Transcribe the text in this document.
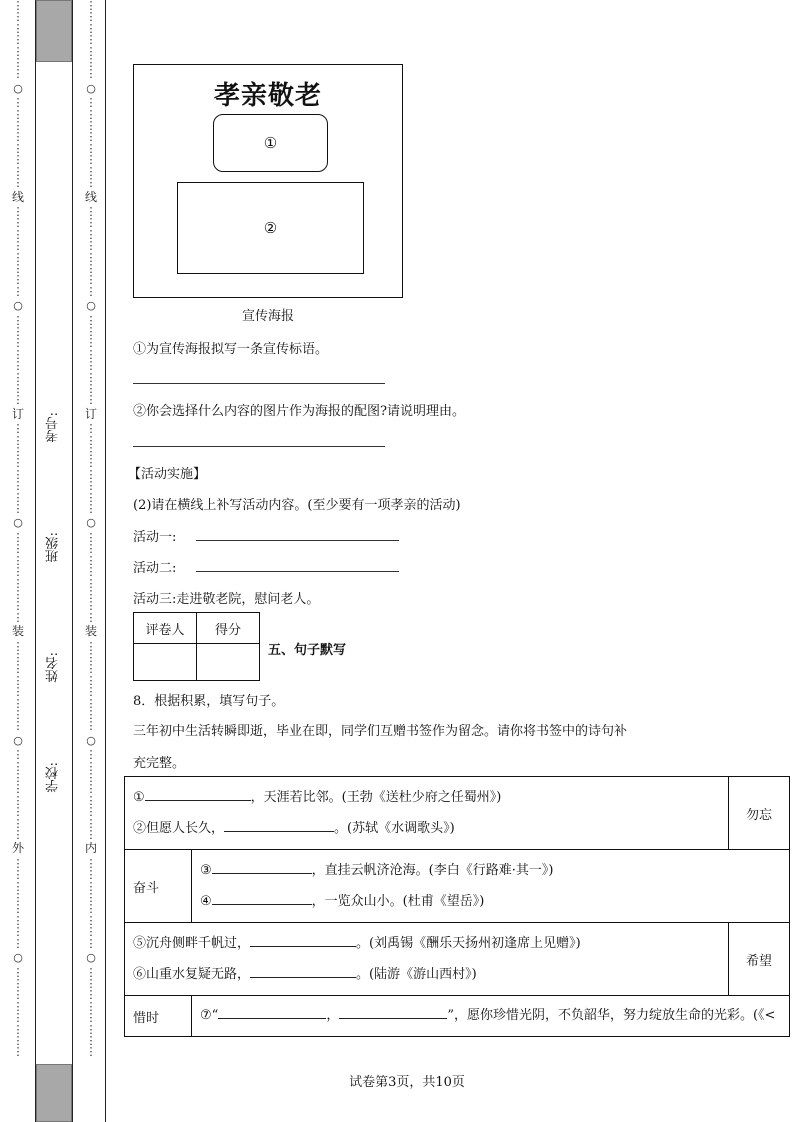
⋮
⋮
⋮
⋮
⋮
⋮
⋮
○
⋮
⋮
⋮
⋮
⋮
⋮
⋮
⋮
线
⋮
⋮
⋮
⋮
⋮
⋮
⋮
⋮
○
⋮
⋮
⋮
⋮
⋮
⋮
⋮
⋮
订
⋮
⋮
⋮
⋮
⋮
⋮
⋮
⋮
○
⋮
⋮
⋮
⋮
⋮
⋮
⋮
⋮
装
⋮
⋮
⋮
⋮
⋮
⋮
⋮
⋮
○
⋮
⋮
⋮
⋮
⋮
⋮
⋮
⋮
外
⋮
⋮
⋮
⋮
⋮
⋮
⋮
⋮
○
⋮
⋮
⋮
⋮
⋮
⋮
⋮
⋮
⋮
⋮
⋮
⋮
⋮
⋮
⋮
○
⋮
⋮
⋮
⋮
⋮
⋮
⋮
⋮
线
⋮
⋮
⋮
⋮
⋮
⋮
⋮
⋮
○
⋮
⋮
⋮
⋮
⋮
⋮
⋮
⋮
订
⋮
⋮
⋮
⋮
⋮
⋮
⋮
⋮
○
⋮
⋮
⋮
⋮
⋮
⋮
⋮
⋮
装
⋮
⋮
⋮
⋮
⋮
⋮
⋮
⋮
○
⋮
⋮
⋮
⋮
⋮
⋮
⋮
⋮
内
⋮
⋮
⋮
⋮
⋮
⋮
⋮
⋮
○
⋮
⋮
⋮
⋮
⋮
⋮
⋮
⋮
考号:
班级:
姓名:
学校:
孝亲敬老
①
②
宣传海报
①为宣传海报拟写一条宣传标语。
②你会选择什么内容的图片作为海报的配图?请说明理由。
【活动实施】
(2)请在横线上补写活动内容。(至少要有一项孝亲的活动)
活动一:
活动二:
活动三:走进敬老院，慰问老人。
评卷人	得分

五、句子默写
8．根据积累，填写句子。
三年初中生活转瞬即逝，毕业在即，同学们互赠书签作为留念。请你将书签中的诗句补
充完整。
① ，天涯若比邻。(王勃《送杜少府之任蜀州》)
②但愿人长久， 。(苏轼《水调歌头》)		勿忘
奋斗	③ ，直挂云帆济沧海。(李白《行路难·其一》)
④ ，一览众山小。(杜甫《望岳》)	

⑤沉舟侧畔千帆过， 。(刘禹锡《酬乐天扬州初逢席上见赠》)
⑥山重水复疑无路， 。(陆游《游山西村》)		希望
惜时	⑦“ ， ”，愿你珍惜光阴，不负韶华，努力绽放生命的光彩。(《<	
试卷第3页，共10页
